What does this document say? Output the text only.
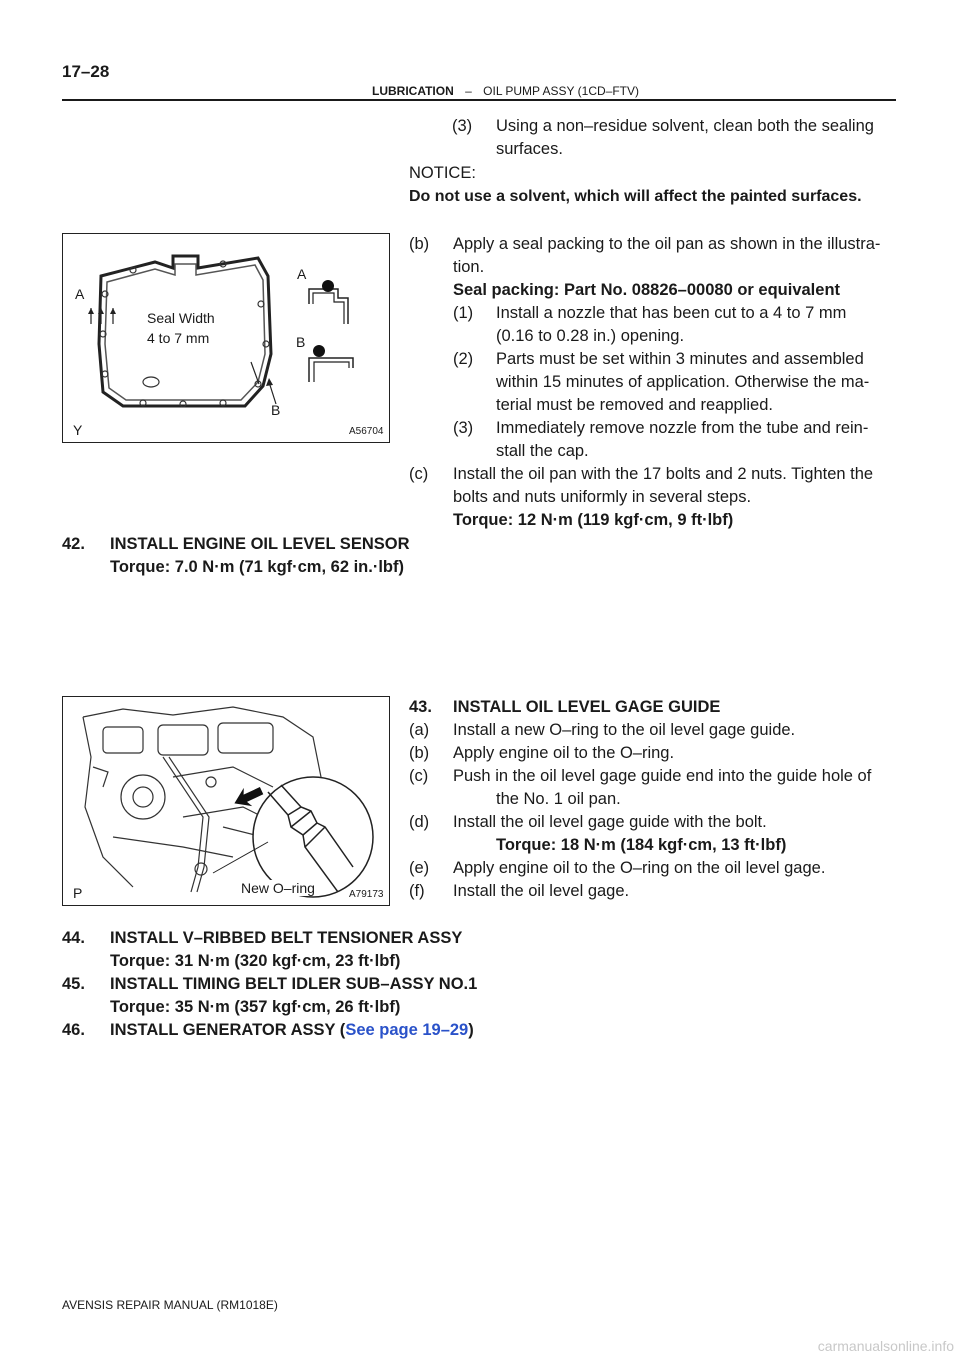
17–28
LUBRICATION – OIL PUMP ASSY (1CD–FTV)
A
A
B
B
Seal Width
4 to 7 mm
Y	A56704
New O–ring
P	A79173
(3) Using a non–residue solvent, clean both the sealing
surfaces.
NOTICE:
Do not use a solvent, which will affect the painted surfaces.
(b) Apply a seal packing to the oil pan as shown in the illustra-
tion.
Seal packing: Part No. 08826–00080 or equivalent
(1) Install a nozzle that has been cut to a 4 to 7 mm
(0.16 to 0.28 in.) opening.
(2) Parts must be set within 3 minutes and assembled
within 15 minutes of application. Otherwise the ma-
terial must be removed and reapplied.
(3) Immediately remove nozzle from the tube and rein-
stall the cap.
(c) Install the oil pan with the 17 bolts and 2 nuts. Tighten the
bolts and nuts uniformly in several steps.
Torque: 12 N·m (119 kgf·cm, 9 ft·lbf)
42. INSTALL ENGINE OIL LEVEL SENSOR
Torque: 7.0 N·m (71 kgf·cm, 62 in.·lbf)
43. INSTALL OIL LEVEL GAGE GUIDE
(a) Install a new O–ring to the oil level gage guide.
(b) Apply engine oil to the O–ring.
(c) Push in the oil level gage guide end into the guide hole of
the No. 1 oil pan.
(d) Install the oil level gage guide with the bolt.
Torque: 18 N·m (184 kgf·cm, 13 ft·lbf)
(e) Apply engine oil to the O–ring on the oil level gage.
(f) Install the oil level gage.
44. INSTALL V–RIBBED BELT TENSIONER ASSY
Torque: 31 N·m (320 kgf·cm, 23 ft·lbf)
45. INSTALL TIMING BELT IDLER SUB–ASSY NO.1
Torque: 35 N·m (357 kgf·cm, 26 ft·lbf)
46. INSTALL GENERATOR ASSY (See page 19–29)
AVENSIS REPAIR MANUAL (RM1018E)
carmanualsonline.info
